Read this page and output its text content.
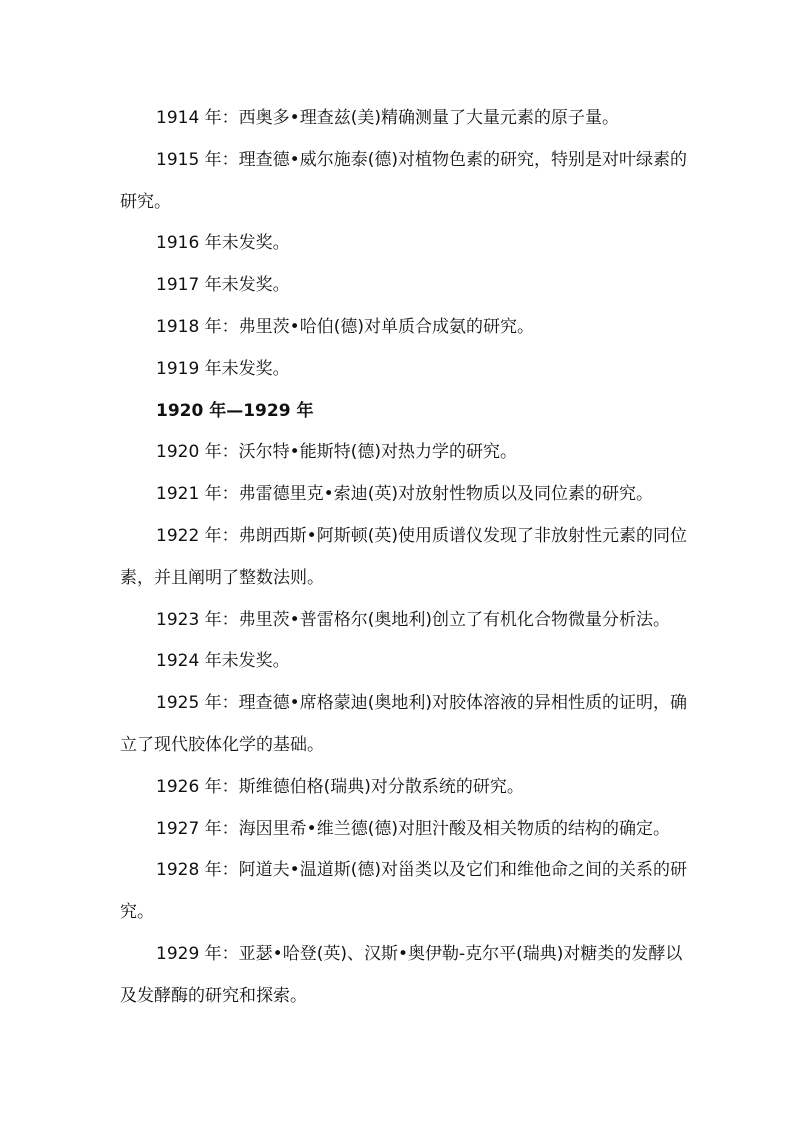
1914 年：西奥多•理查兹(美)精确测量了大量元素的原子量。

1915 年：理查德•威尔施泰(德)对植物色素的研究，特别是对叶绿素的研究。

1916 年未发奖。

1917 年未发奖。

1918 年：弗里茨•哈伯(德)对单质合成氨的研究。

1919 年未发奖。

1920 年—1929 年

1920 年：沃尔特•能斯特(德)对热力学的研究。

1921 年：弗雷德里克•索迪(英)对放射性物质以及同位素的研究。

1922 年：弗朗西斯•阿斯顿(英)使用质谱仪发现了非放射性元素的同位素，并且阐明了整数法则。

1923 年：弗里茨•普雷格尔(奥地利)创立了有机化合物微量分析法。

1924 年未发奖。

1925 年：理查德•席格蒙迪(奥地利)对胶体溶液的异相性质的证明，确立了现代胶体化学的基础。

1926 年：斯维德伯格(瑞典)对分散系统的研究。

1927 年：海因里希•维兰德(德)对胆汁酸及相关物质的结构的确定。

1928 年：阿道夫•温道斯(德)对甾类以及它们和维他命之间的关系的研究。

1929 年：亚瑟•哈登(英)、汉斯•奥伊勒-克尔平(瑞典)对糖类的发酵以及发酵酶的研究和探索。
